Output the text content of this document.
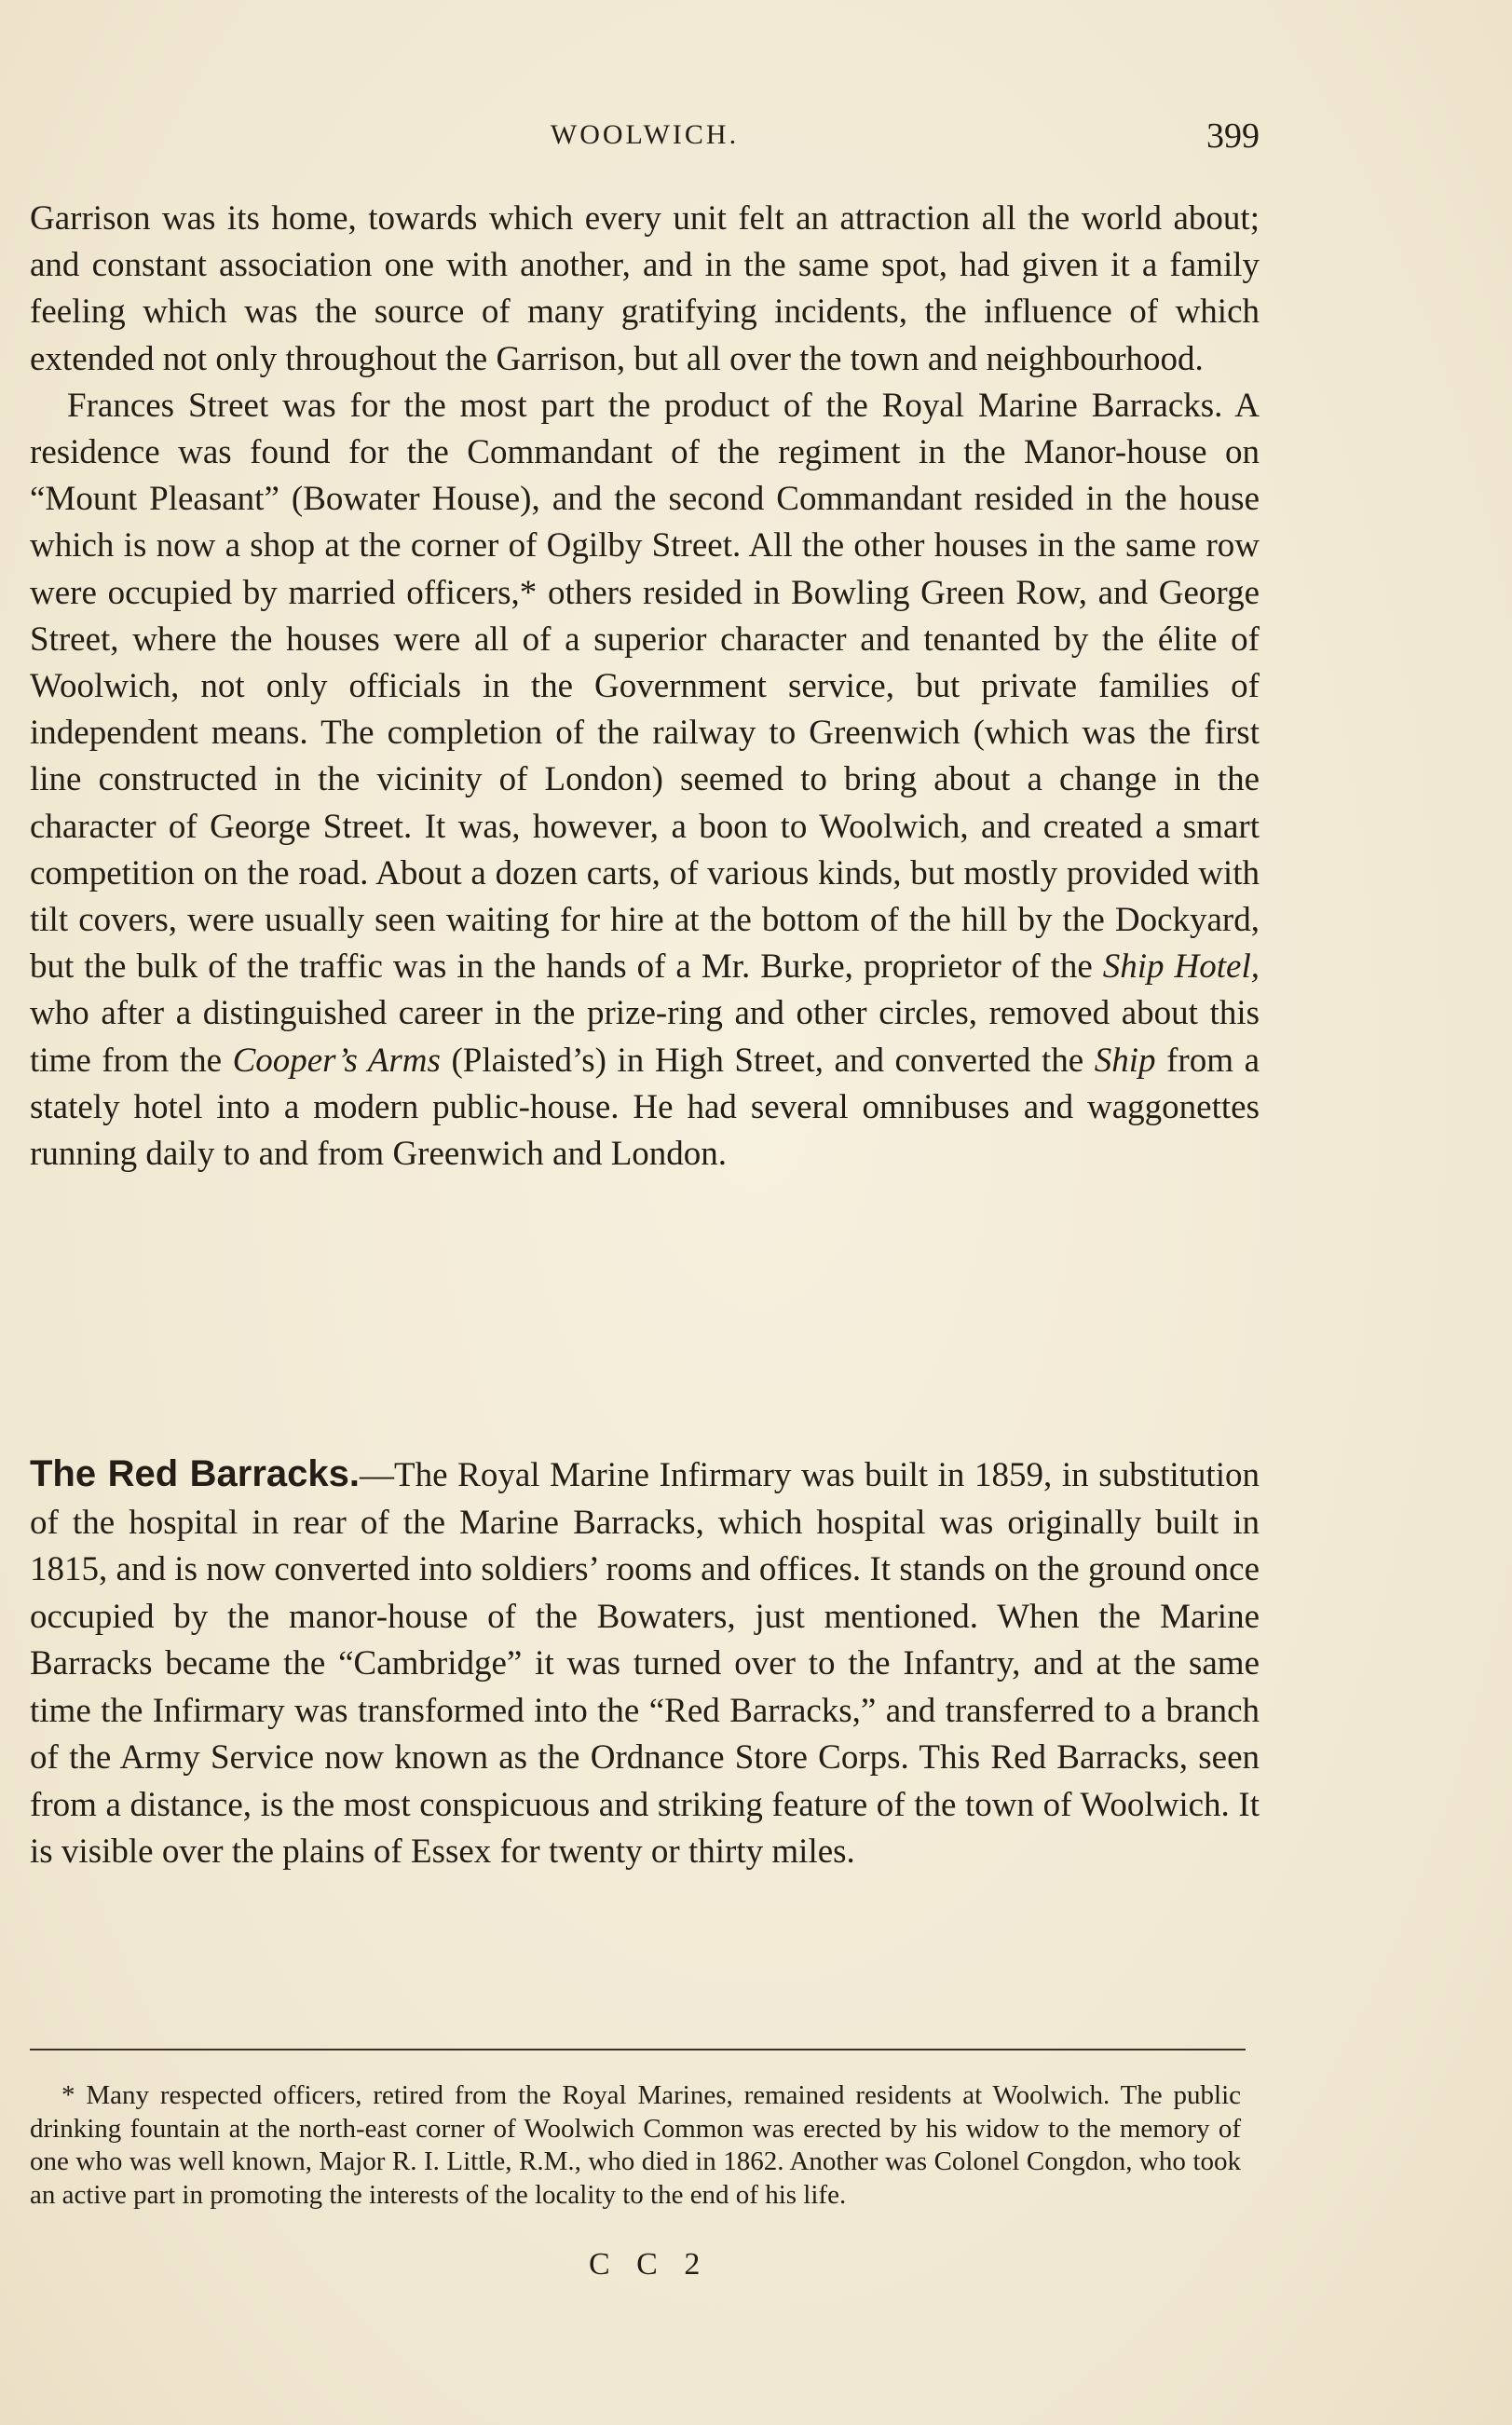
WOOLWICH.	399

Garrison was its home, towards which every unit felt an attraction all the world about; and constant association one with another, and in the same spot, had given it a family feeling which was the source of many gratifying incidents, the influence of which extended not only throughout the Garrison, but all over the town and neighbourhood.

Frances Street was for the most part the product of the Royal Marine Barracks. A residence was found for the Commandant of the regiment in the Manor-house on “Mount Pleasant” (Bowater House), and the second Commandant resided in the house which is now a shop at the corner of Ogilby Street. All the other houses in the same row were occupied by married officers,* others resided in Bowling Green Row, and George Street, where the houses were all of a superior character and tenanted by the élite of Woolwich, not only officials in the Government service, but private families of independent means. The completion of the railway to Greenwich (which was the first line constructed in the vicinity of London) seemed to bring about a change in the character of George Street. It was, however, a boon to Woolwich, and created a smart competition on the road. About a dozen carts, of various kinds, but mostly provided with tilt covers, were usually seen waiting for hire at the bottom of the hill by the Dockyard, but the bulk of the traffic was in the hands of a Mr. Burke, proprietor of the Ship Hotel, who after a distinguished career in the prize-ring and other circles, removed about this time from the Cooper’s Arms (Plaisted’s) in High Street, and converted the Ship from a stately hotel into a modern public-house. He had several omnibuses and waggonettes running daily to and from Greenwich and London.

The Red Barracks.—The Royal Marine Infirmary was built in 1859, in substitution of the hospital in rear of the Marine Barracks, which hospital was originally built in 1815, and is now converted into soldiers’ rooms and offices. It stands on the ground once occupied by the manor-house of the Bowaters, just mentioned. When the Marine Barracks became the “Cambridge” it was turned over to the Infantry, and at the same time the Infirmary was transformed into the “Red Barracks,” and transferred to a branch of the Army Service now known as the Ordnance Store Corps. This Red Barracks, seen from a distance, is the most conspicuous and striking feature of the town of Woolwich. It is visible over the plains of Essex for twenty or thirty miles.

* Many respected officers, retired from the Royal Marines, remained residents at Woolwich. The public drinking fountain at the north-east corner of Woolwich Common was erected by his widow to the memory of one who was well known, Major R. I. Little, R.M., who died in 1862. Another was Colonel Congdon, who took an active part in promoting the interests of the locality to the end of his life.

C C 2
